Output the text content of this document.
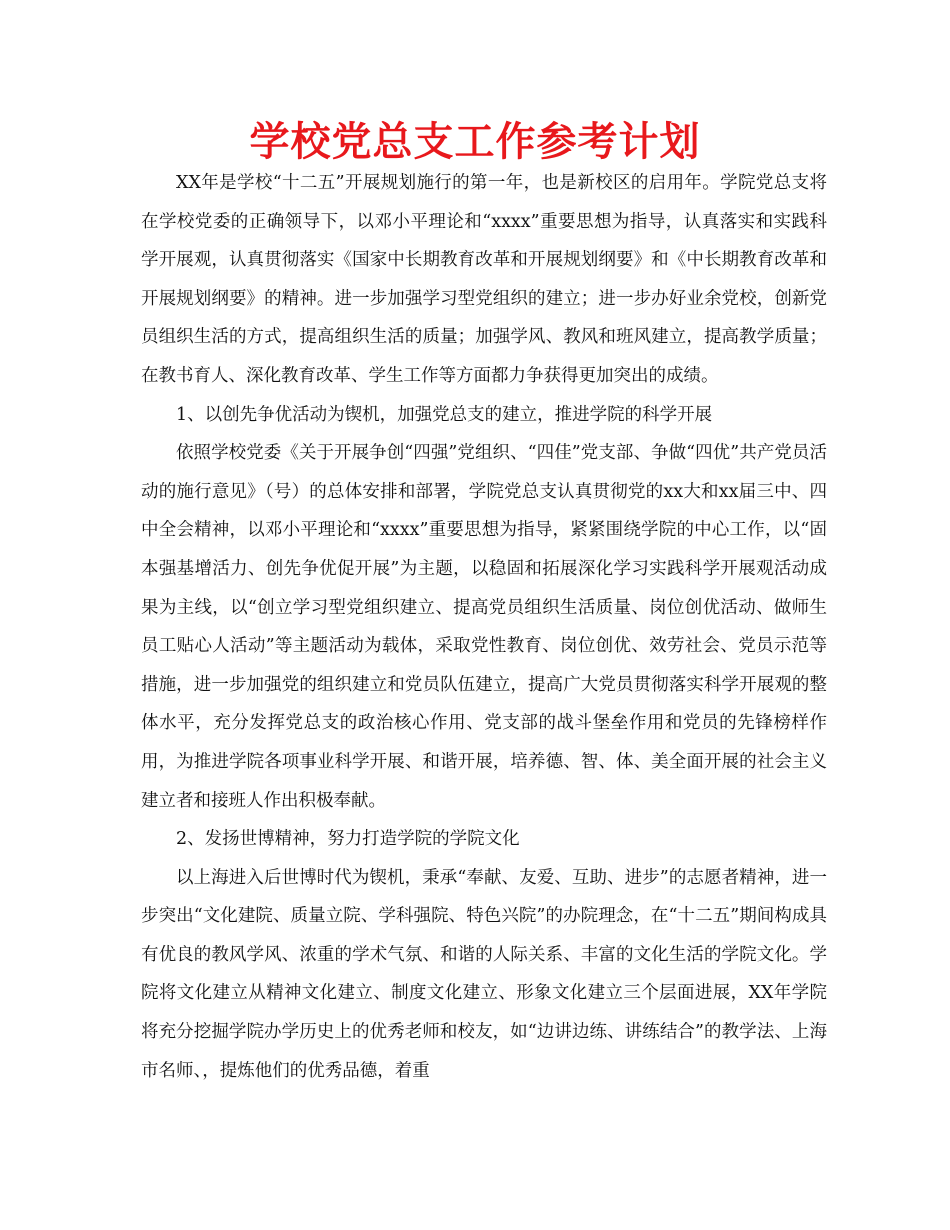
学校党总支工作参考计划

XX年是学校“十二五”开展规划施行的第一年，也是新校区的启用年。学院党总支将在学校党委的正确领导下，以邓小平理论和“xxxx”重要思想为指导，认真落实和实践科学开展观，认真贯彻落实《国家中长期教育改革和开展规划纲要》和《中长期教育改革和开展规划纲要》的精神。进一步加强学习型党组织的建立；进一步办好业余党校，创新党员组织生活的方式，提高组织生活的质量；加强学风、教风和班风建立，提高教学质量；在教书育人、深化教育改革、学生工作等方面都力争获得更加突出的成绩。

1、以创先争优活动为锲机，加强党总支的建立，推进学院的科学开展

依照学校党委《关于开展争创“四强”党组织、“四佳”党支部、争做“四优”共产党员活动的施行意见》（号）的总体安排和部署，学院党总支认真贯彻党的xx大和xx届三中、四中全会精神，以邓小平理论和“xxxx”重要思想为指导，紧紧围绕学院的中心工作，以“固本强基增活力、创先争优促开展”为主题，以稳固和拓展深化学习实践科学开展观活动成果为主线，以“创立学习型党组织建立、提高党员组织生活质量、岗位创优活动、做师生员工贴心人活动”等主题活动为载体，采取党性教育、岗位创优、效劳社会、党员示范等措施，进一步加强党的组织建立和党员队伍建立，提高广大党员贯彻落实科学开展观的整体水平，充分发挥党总支的政治核心作用、党支部的战斗堡垒作用和党员的先锋榜样作用，为推进学院各项事业科学开展、和谐开展，培养德、智、体、美全面开展的社会主义建立者和接班人作出积极奉献。

2、发扬世博精神，努力打造学院的学院文化

以上海进入后世博时代为锲机，秉承“奉献、友爱、互助、进步”的志愿者精神，进一步突出“文化建院、质量立院、学科强院、特色兴院”的办院理念，在“十二五”期间构成具有优良的教风学风、浓重的学术气氛、和谐的人际关系、丰富的文化生活的学院文化。学院将文化建立从精神文化建立、制度文化建立、形象文化建立三个层面进展，XX年学院将充分挖掘学院办学历史上的优秀老师和校友，如“边讲边练、讲练结合”的教学法、上海市名师、，提炼他们的优秀品德，着重
